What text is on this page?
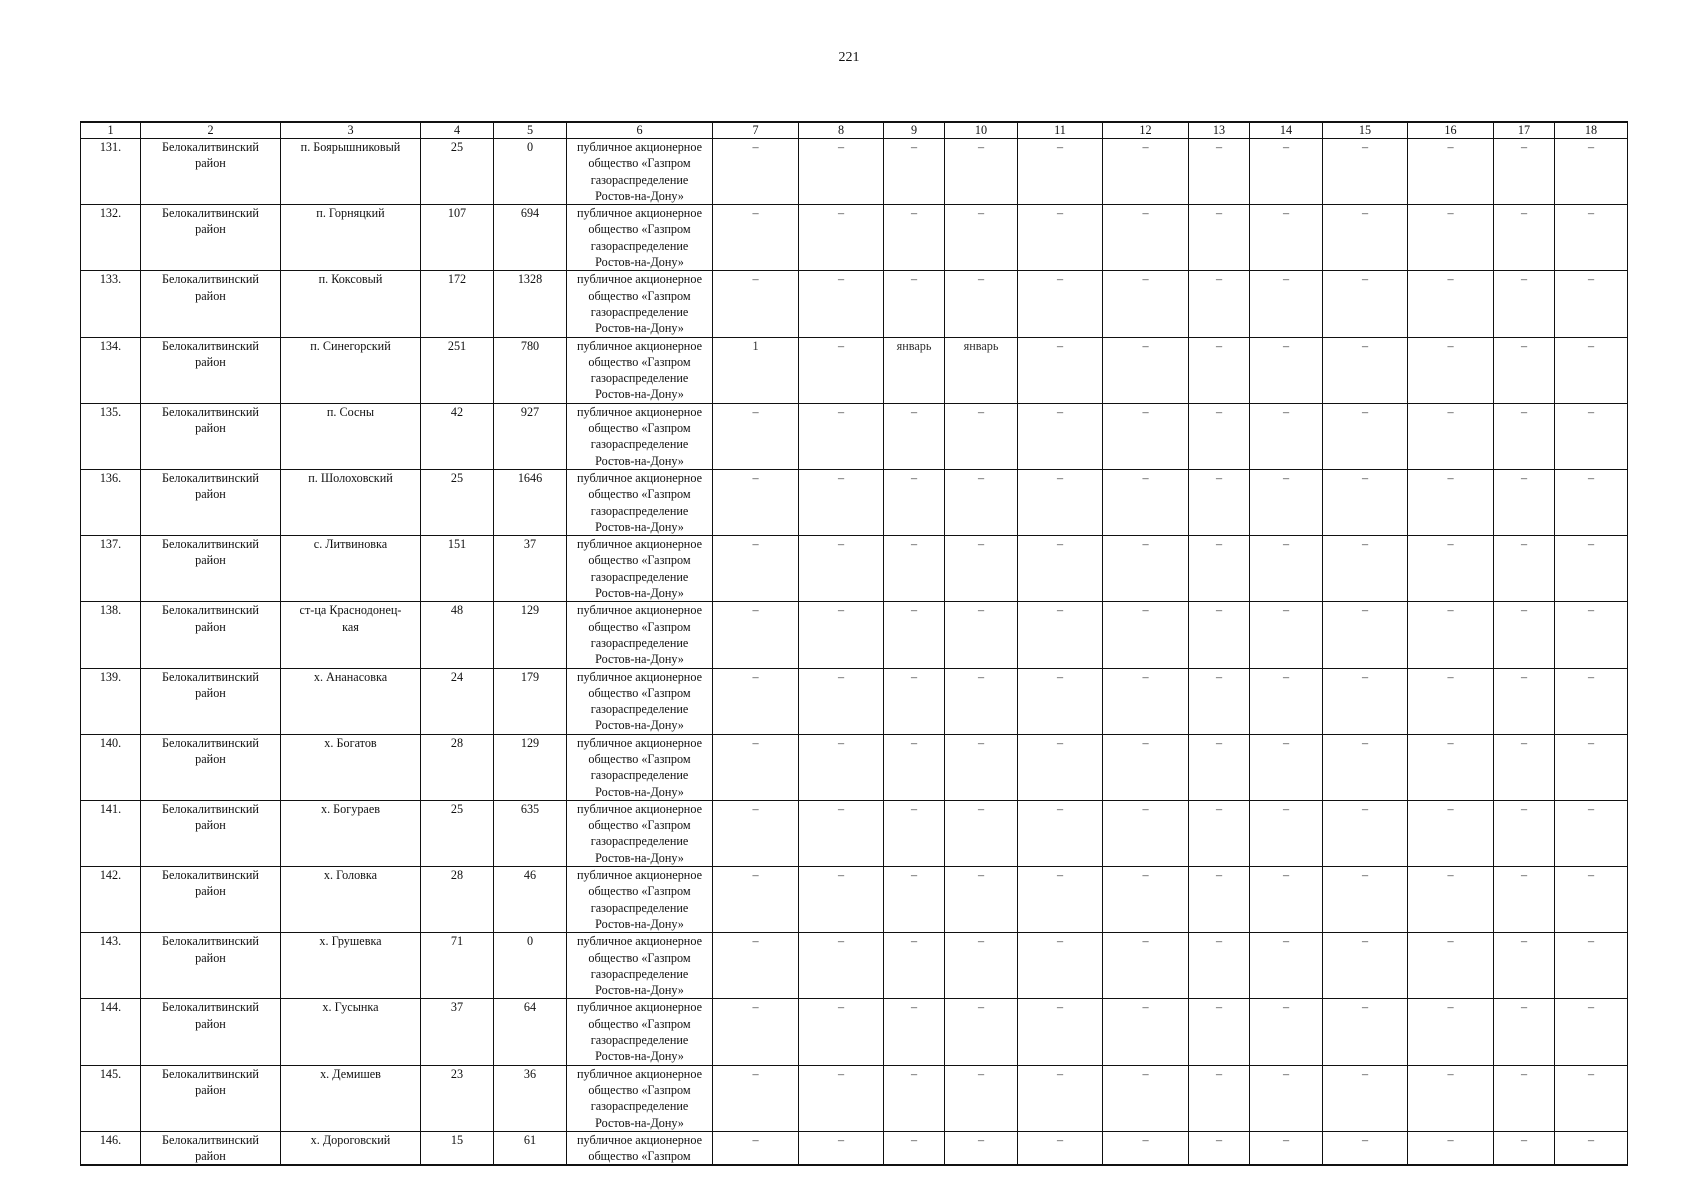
221
1	2	3	4	5	6	7	8	9	10	11	12	13	14	15	16	17	18
131.	Белокалитвинский
район	п. Боярышниковый	25	0	публичное акционерное
общество «Газпром
газораспределение
Ростов-на-Дону»	–	–	–	–	–	–	–	–	–	–	–	–
132.	Белокалитвинский
район	п. Горняцкий	107	694	публичное акционерное
общество «Газпром
газораспределение
Ростов-на-Дону»	–	–	–	–	–	–	–	–	–	–	–	–
133.	Белокалитвинский
район	п. Коксовый	172	1328	публичное акционерное
общество «Газпром
газораспределение
Ростов-на-Дону»	–	–	–	–	–	–	–	–	–	–	–	–
134.	Белокалитвинский
район	п. Синегорский	251	780	публичное акционерное
общество «Газпром
газораспределение
Ростов-на-Дону»	1	–	январь	январь	–	–	–	–	–	–	–	–
135.	Белокалитвинский
район	п. Сосны	42	927	публичное акционерное
общество «Газпром
газораспределение
Ростов-на-Дону»	–	–	–	–	–	–	–	–	–	–	–	–
136.	Белокалитвинский
район	п. Шолоховский	25	1646	публичное акционерное
общество «Газпром
газораспределение
Ростов-на-Дону»	–	–	–	–	–	–	–	–	–	–	–	–
137.	Белокалитвинский
район	с. Литвиновка	151	37	публичное акционерное
общество «Газпром
газораспределение
Ростов-на-Дону»	–	–	–	–	–	–	–	–	–	–	–	–
138.	Белокалитвинский
район	ст-ца Краснодонец-
кая	48	129	публичное акционерное
общество «Газпром
газораспределение
Ростов-на-Дону»	–	–	–	–	–	–	–	–	–	–	–	–
139.	Белокалитвинский
район	х. Ананасовка	24	179	публичное акционерное
общество «Газпром
газораспределение
Ростов-на-Дону»	–	–	–	–	–	–	–	–	–	–	–	–
140.	Белокалитвинский
район	х. Богатов	28	129	публичное акционерное
общество «Газпром
газораспределение
Ростов-на-Дону»	–	–	–	–	–	–	–	–	–	–	–	–
141.	Белокалитвинский
район	х. Богураев	25	635	публичное акционерное
общество «Газпром
газораспределение
Ростов-на-Дону»	–	–	–	–	–	–	–	–	–	–	–	–
142.	Белокалитвинский
район	х. Головка	28	46	публичное акционерное
общество «Газпром
газораспределение
Ростов-на-Дону»	–	–	–	–	–	–	–	–	–	–	–	–
143.	Белокалитвинский
район	х. Грушевка	71	0	публичное акционерное
общество «Газпром
газораспределение
Ростов-на-Дону»	–	–	–	–	–	–	–	–	–	–	–	–
144.	Белокалитвинский
район	х. Гусынка	37	64	публичное акционерное
общество «Газпром
газораспределение
Ростов-на-Дону»	–	–	–	–	–	–	–	–	–	–	–	–
145.	Белокалитвинский
район	х. Демишев	23	36	публичное акционерное
общество «Газпром
газораспределение
Ростов-на-Дону»	–	–	–	–	–	–	–	–	–	–	–	–
146.	Белокалитвинский
район	х. Дороговский	15	61	публичное акционерное
общество «Газпром	–	–	–	–	–	–	–	–	–	–	–	–
